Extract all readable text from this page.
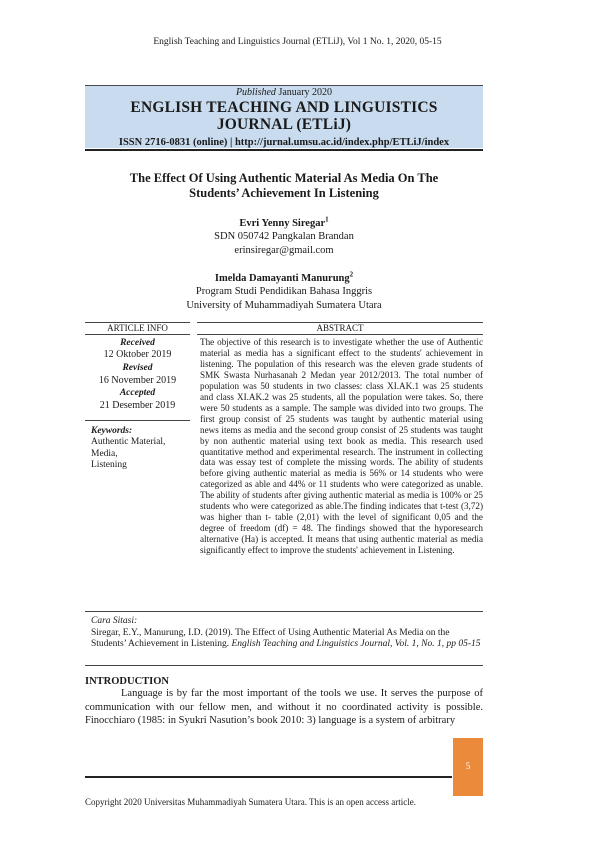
English Teaching and Linguistics Journal (ETLiJ), Vol 1 No. 1, 2020, 05-15
Published January 2020
ENGLISH TEACHING AND LINGUISTICS
JOURNAL (ETLiJ)
ISSN 2716-0831 (online) | http://jurnal.umsu.ac.id/index.php/ETLiJ/index
The Effect Of Using Authentic Material As Media On The
Students’ Achievement In Listening
Evri Yenny Siregar$^1$
SDN 050742 Pangkalan Brandan
erinsiregar@gmail.com
Imelda Damayanti Manurung$^2$
Program Studi Pendidikan Bahasa Inggris
University of Muhammadiyah Sumatera Utara
ARTICLE INFO	ABSTRACT
Received
12 Oktober 2019
Revised
16 November 2019
Accepted
21 Desember 2019
Keywords:
Authentic Material,
Media,
Listening
The objective of this research is to investigate whether the use of Authentic material as media has a significant effect to the students' achievement in listening. The population of this research was the eleven grade students of SMK Swasta Nurhasanah 2 Medan year 2012/2013. The total number of population was 50 students in two classes: class XI.AK.1 was 25 students and class XI.AK.2 was 25 students, all the population were takes. So, there were 50 students as a sample. The sample was divided into two groups. The first group consist of 25 students was taught by authentic material using news items as media and the second group consist of 25 students was taught by non authentic material using text book as media. This research used quantitative method and experimental research. The instrument in collecting data was essay test of complete the missing words. The ability of students before giving authentic material as media is 56% or 14 students who were categorized as able and 44% or 11 students who were categorized as unable. The ability of students after giving authentic material as media is 100% or 25 students who were categorized as able.The finding indicates that t-test (3,72) was higher than t- table (2,01) with the level of significant 0,05 and the degree of freedom (df) = 48. The findings showed that the hyporesearch alternative (Ha) is accepted. It means that using authentic material as media significantly effect to improve the students' achievement in Listening.
Cara Sitasi:
Siregar, E.Y., Manurung, I.D. (2019). The Effect of Using Authentic Material As Media on the Students’ Achievement in Listening. English Teaching and Linguistics Journal, Vol. 1, No. 1, pp 05-15
INTRODUCTION
Language is by far the most important of the tools we use. It serves the purpose of communication with our fellow men, and without it no coordinated activity is possible. Finocchiaro (1985: in Syukri Nasution’s book 2010: 3) language is a system of arbitrary
5
Copyright 2020 Universitas Muhammadiyah Sumatera Utara. This is an open access article.
